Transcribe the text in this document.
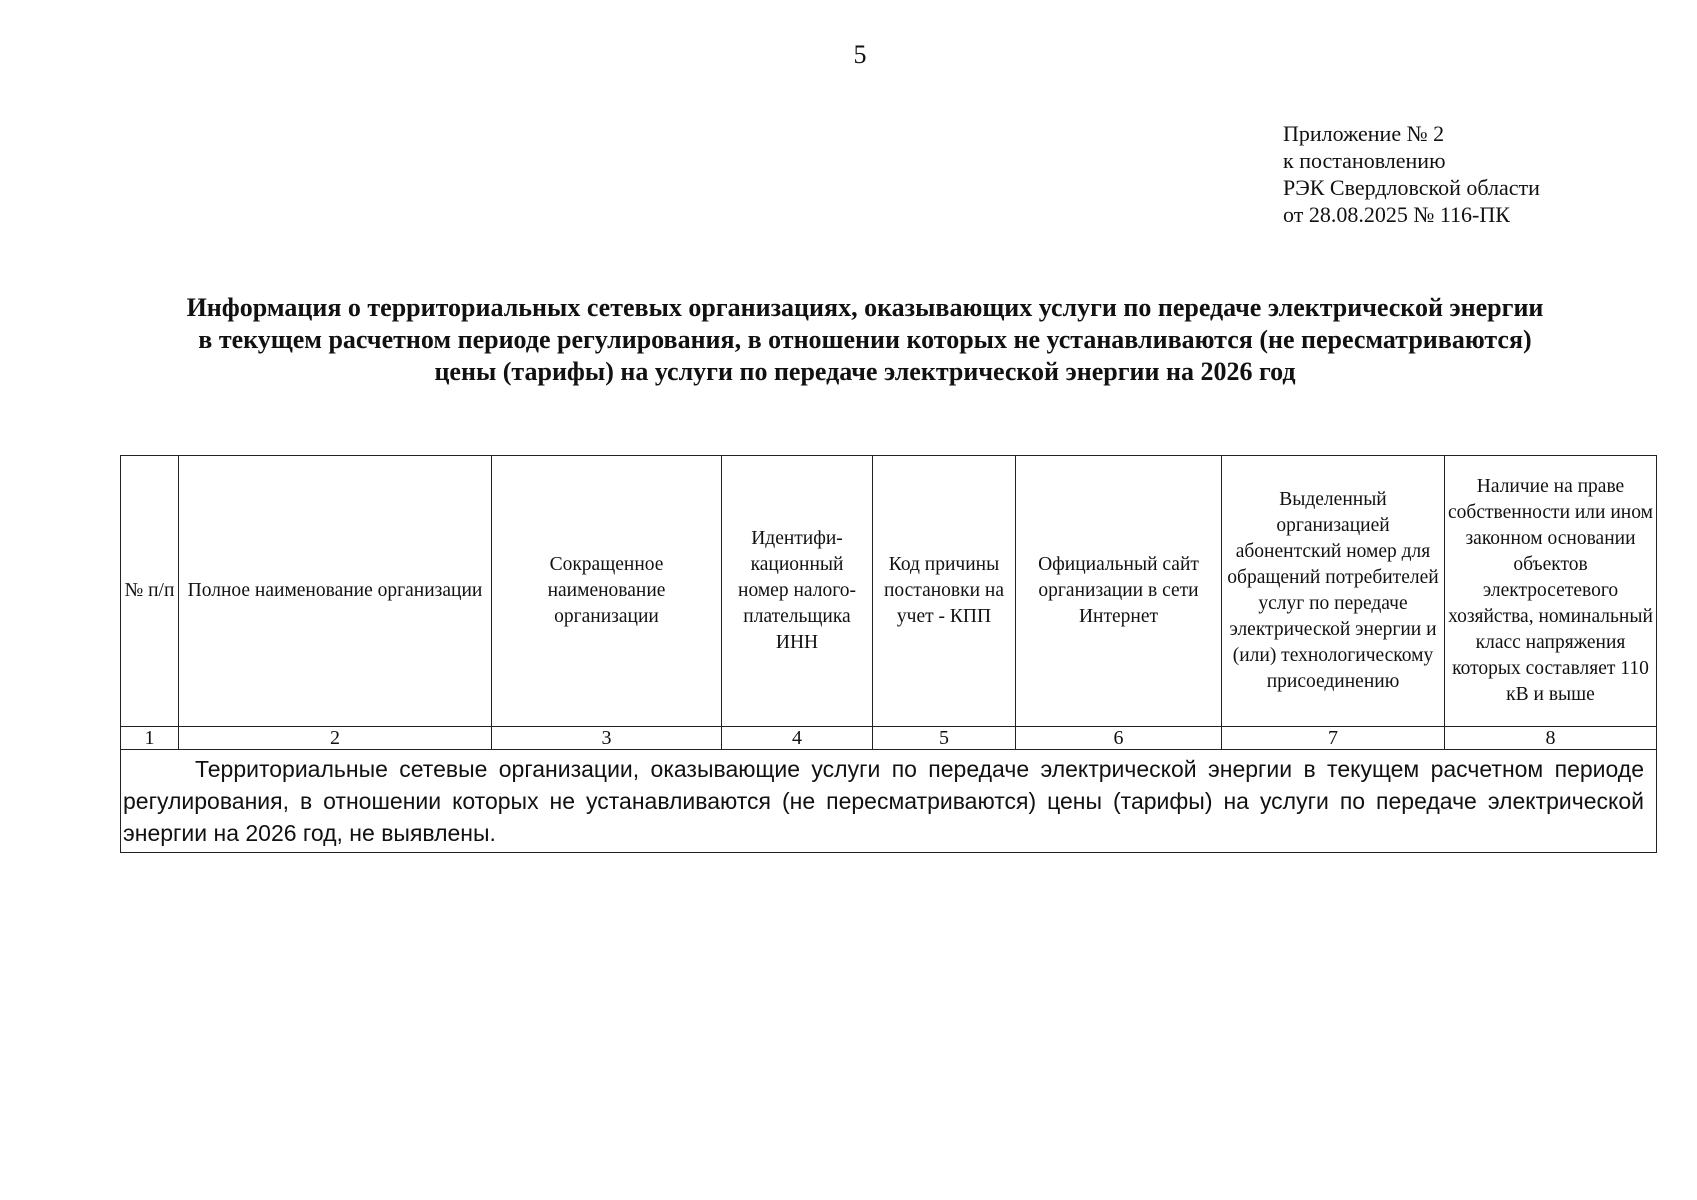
5
Приложение № 2
к постановлению
РЭК Свердловской области
от 28.08.2025 № 116-ПК
Информация о территориальных сетевых организациях, оказывающих услуги по передаче электрической энергии
в текущем расчетном периоде регулирования, в отношении которых не устанавливаются (не пересматриваются)
цены (тарифы) на услуги по передаче электрической энергии на 2026 год
№ п/п	Полное наименование организации	Сокращенное наименование организации	Идентифи-кационный номер налого-плательщика ИНН	Код причины постановки на учет - КПП	Официальный сайт организации в сети Интернет	Выделенный организацией абонентский номер для обращений потребителей услуг по передаче электрической энергии и (или) технологическому присоединению	Наличие на праве собственности или ином законном основании объектов электросетевого хозяйства, номинальный класс напряжения которых составляет 110 кВ и выше
1	2	3	4	5	6	7	8
Территориальные сетевые организации, оказывающие услуги по передаче электрической энергии в текущем расчетном периоде регулирования, в отношении которых не устанавливаются (не пересматриваются) цены (тарифы) на услуги по передаче электрической энергии на 2026 год, не выявлены.							
